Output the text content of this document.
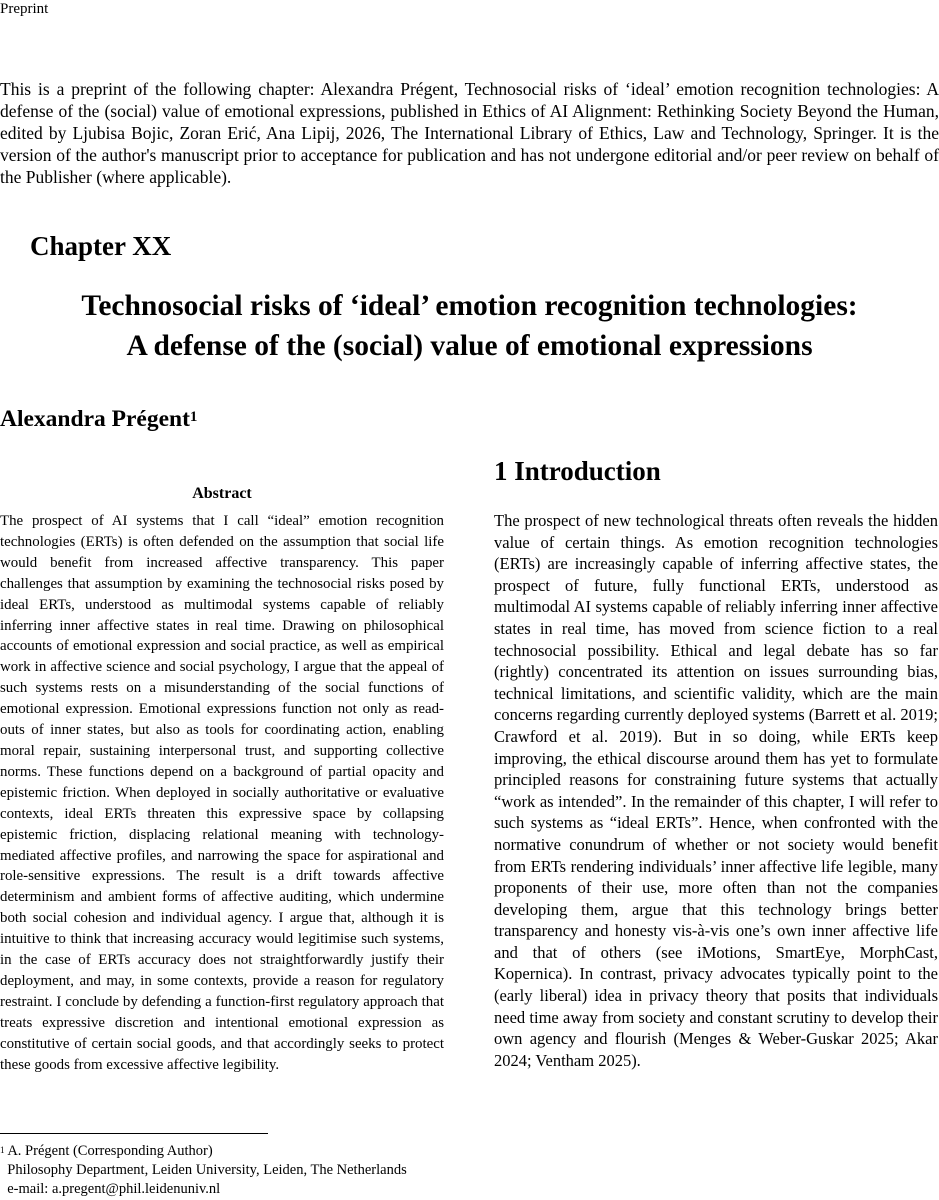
Preprint
This is a preprint of the following chapter: Alexandra Prégent, Technosocial risks of ‘ideal’ emotion recognition technologies: A defense of the (social) value of emotional expressions, published in Ethics of AI Alignment: Rethinking Society Beyond the Human, edited by Ljubisa Bojic, Zoran Erić, Ana Lipij, 2026, The International Library of Ethics, Law and Technology, Springer. It is the version of the author's manuscript prior to acceptance for publication and has not undergone editorial and/or peer review on behalf of the Publisher (where applicable).
Chapter XX
Technosocial risks of ‘ideal’ emotion recognition technologies:
A defense of the (social) value of emotional expressions
Alexandra Prégent$^1$
Abstract
The prospect of AI systems that I call “ideal” emotion recognition technologies (ERTs) is often defended on the assumption that social life would benefit from increased affective transparency. This paper challenges that assumption by examining the technosocial risks posed by ideal ERTs, understood as multimodal systems capable of reliably inferring inner affective states in real time. Drawing on philosophical accounts of emotional expression and social practice, as well as empirical work in affective science and social psychology, I argue that the appeal of such systems rests on a misunderstanding of the social functions of emotional expression. Emotional expressions function not only as read-outs of inner states, but also as tools for coordinating action, enabling moral repair, sustaining interpersonal trust, and supporting collective norms. These functions depend on a background of partial opacity and epistemic friction. When deployed in socially authoritative or evaluative contexts, ideal ERTs threaten this expressive space by collapsing epistemic friction, displacing relational meaning with technology-mediated affective profiles, and narrowing the space for aspirational and role-sensitive expressions. The result is a drift towards affective determinism and ambient forms of affective auditing, which undermine both social cohesion and individual agency. I argue that, although it is intuitive to think that increasing accuracy would legitimise such systems, in the case of ERTs accuracy does not straightforwardly justify their deployment, and may, in some contexts, provide a reason for regulatory restraint. I conclude by defending a function-first regulatory approach that treats expressive discretion and intentional emotional expression as constitutive of certain social goods, and that accordingly seeks to protect these goods from excessive affective legibility.
1 Introduction
The prospect of new technological threats often reveals the hidden value of certain things. As emotion recognition technologies (ERTs) are increasingly capable of inferring affective states, the prospect of future, fully functional ERTs, understood as multimodal AI systems capable of reliably inferring inner affective states in real time, has moved from science fiction to a real technosocial possibility. Ethical and legal debate has so far (rightly) concentrated its attention on issues surrounding bias, technical limitations, and scientific validity, which are the main concerns regarding currently deployed systems (Barrett et al. 2019; Crawford et al. 2019). But in so doing, while ERTs keep improving, the ethical discourse around them has yet to formulate principled reasons for constraining future systems that actually “work as intended”. In the remainder of this chapter, I will refer to such systems as “ideal ERTs”. Hence, when confronted with the normative conundrum of whether or not society would benefit from ERTs rendering individuals’ inner affective life legible, many proponents of their use, more often than not the companies developing them, argue that this technology brings better transparency and honesty vis-à-vis one’s own inner affective life and that of others (see iMotions, SmartEye, MorphCast, Kopernica). In contrast, privacy advocates typically point to the (early liberal) idea in privacy theory that posits that individuals need time away from society and constant scrutiny to develop their own agency and flourish (Menges & Weber-Guskar 2025; Akar 2024; Ventham 2025).
$^1$ A. Prégent (Corresponding Author)
Philosophy Department, Leiden University, Leiden, The Netherlands
e-mail: a.pregent@phil.leidenuniv.nl
